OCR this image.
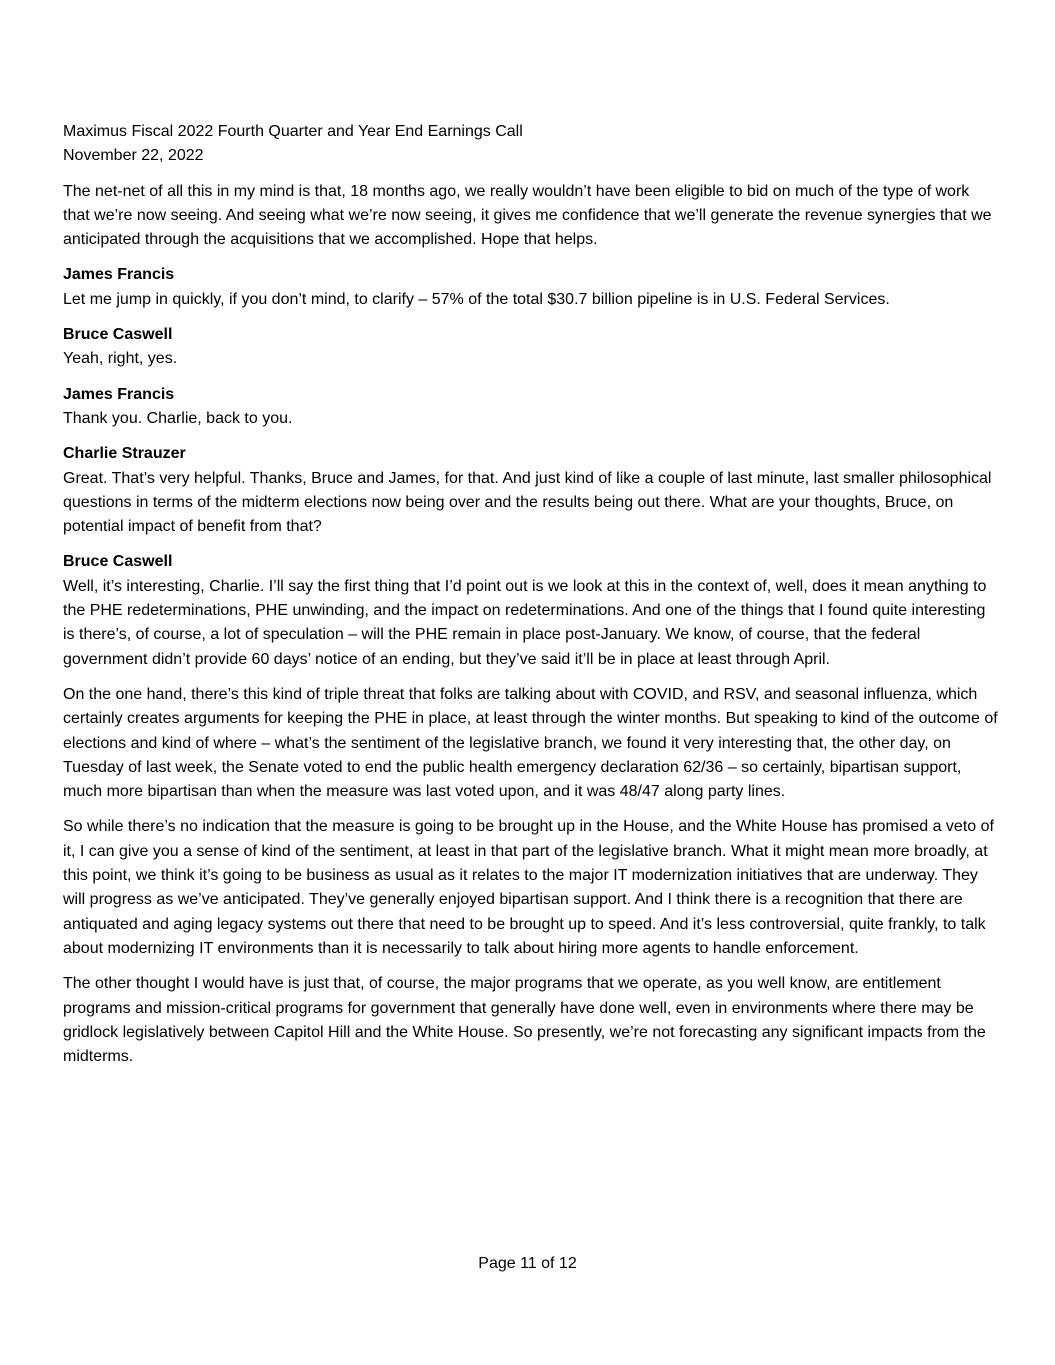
Maximus Fiscal 2022 Fourth Quarter and Year End Earnings Call
November 22, 2022

The net-net of all this in my mind is that, 18 months ago, we really wouldn’t have been eligible to bid on much of the type of work that we’re now seeing. And seeing what we’re now seeing, it gives me confidence that we’ll generate the revenue synergies that we anticipated through the acquisitions that we accomplished. Hope that helps.

James Francis

Let me jump in quickly, if you don’t mind, to clarify – 57% of the total $30.7 billion pipeline is in U.S. Federal Services.

Bruce Caswell

Yeah, right, yes.

James Francis

Thank you. Charlie, back to you.

Charlie Strauzer

Great. That’s very helpful. Thanks, Bruce and James, for that. And just kind of like a couple of last minute, last smaller philosophical questions in terms of the midterm elections now being over and the results being out there. What are your thoughts, Bruce, on potential impact of benefit from that?

Bruce Caswell

Well, it’s interesting, Charlie. I’ll say the first thing that I’d point out is we look at this in the context of, well, does it mean anything to the PHE redeterminations, PHE unwinding, and the impact on redeterminations. And one of the things that I found quite interesting is there’s, of course, a lot of speculation – will the PHE remain in place post-January. We know, of course, that the federal government didn’t provide 60 days’ notice of an ending, but they’ve said it’ll be in place at least through April.

On the one hand, there’s this kind of triple threat that folks are talking about with COVID, and RSV, and seasonal influenza, which certainly creates arguments for keeping the PHE in place, at least through the winter months. But speaking to kind of the outcome of elections and kind of where – what’s the sentiment of the legislative branch, we found it very interesting that, the other day, on Tuesday of last week, the Senate voted to end the public health emergency declaration 62/36 – so certainly, bipartisan support, much more bipartisan than when the measure was last voted upon, and it was 48/47 along party lines.

So while there’s no indication that the measure is going to be brought up in the House, and the White House has promised a veto of it, I can give you a sense of kind of the sentiment, at least in that part of the legislative branch. What it might mean more broadly, at this point, we think it’s going to be business as usual as it relates to the major IT modernization initiatives that are underway. They will progress as we’ve anticipated. They’ve generally enjoyed bipartisan support. And I think there is a recognition that there are antiquated and aging legacy systems out there that need to be brought up to speed. And it’s less controversial, quite frankly, to talk about modernizing IT environments than it is necessarily to talk about hiring more agents to handle enforcement.

The other thought I would have is just that, of course, the major programs that we operate, as you well know, are entitlement programs and mission-critical programs for government that generally have done well, even in environments where there may be gridlock legislatively between Capitol Hill and the White House. So presently, we’re not forecasting any significant impacts from the midterms.

Page 11 of 12
